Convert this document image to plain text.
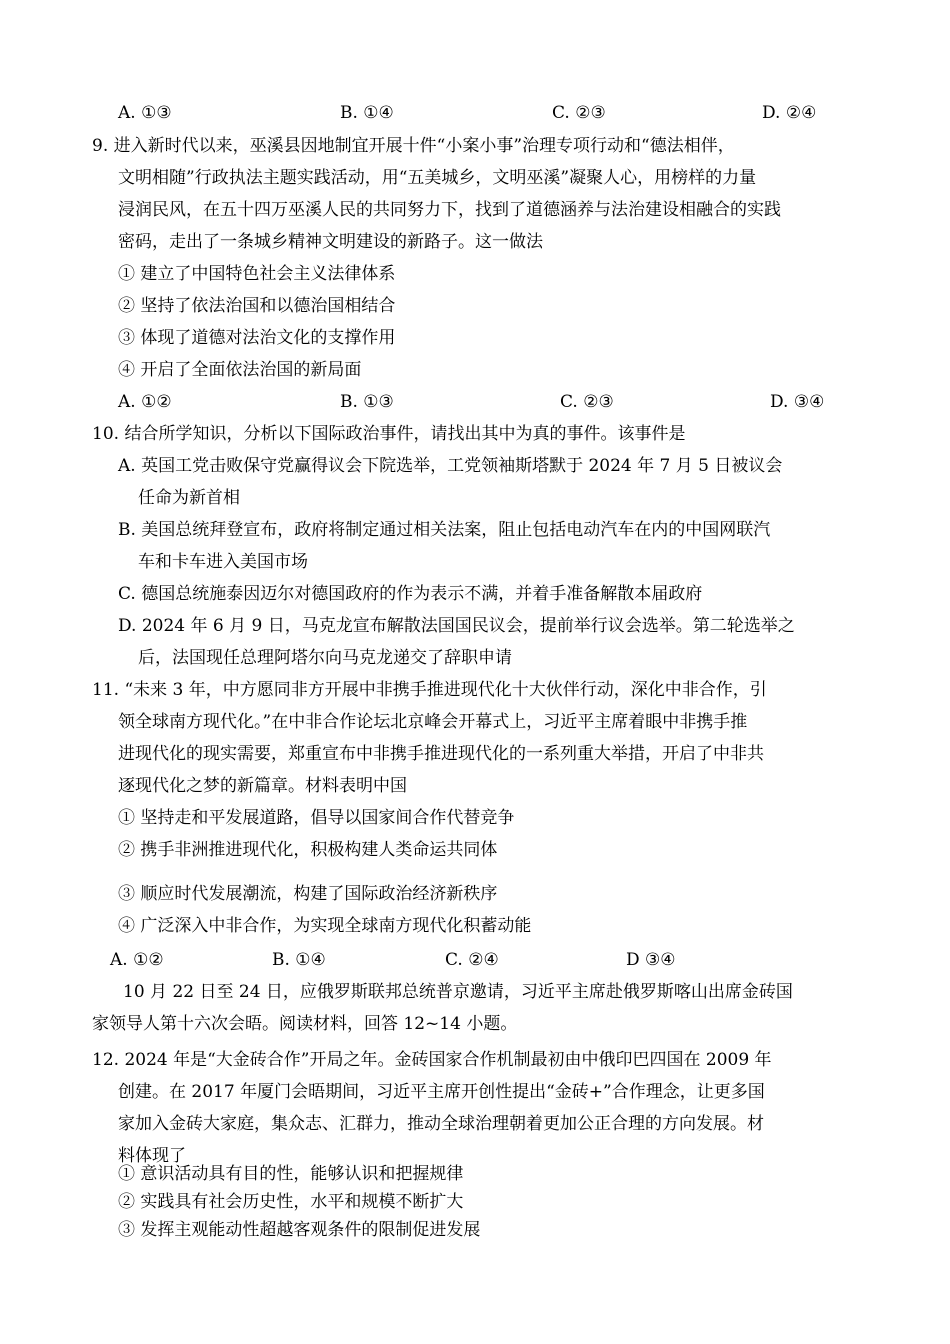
A. ①③	B. ①④	C. ②③	D. ②④
9. 进入新时代以来，巫溪县因地制宜开展十件“小案小事”治理专项行动和“德法相伴，
文明相随”行政执法主题实践活动，用“五美城乡，文明巫溪”凝聚人心，用榜样的力量
浸润民风，在五十四万巫溪人民的共同努力下，找到了道德涵养与法治建设相融合的实践
密码，走出了一条城乡精神文明建设的新路子。这一做法
① 建立了中国特色社会主义法律体系
② 坚持了依法治国和以德治国相结合
③ 体现了道德对法治文化的支撑作用
④ 开启了全面依法治国的新局面
A. ①②	B. ①③	C. ②③	D. ③④
10. 结合所学知识，分析以下国际政治事件，请找出其中为真的事件。该事件是
A. 英国工党击败保守党赢得议会下院选举，工党领袖斯塔默于 2024 年 7 月 5 日被议会
任命为新首相
B. 美国总统拜登宣布，政府将制定通过相关法案，阻止包括电动汽车在内的中国网联汽
车和卡车进入美国市场
C. 德国总统施泰因迈尔对德国政府的作为表示不满，并着手准备解散本届政府
D. 2024 年 6 月 9 日，马克龙宣布解散法国国民议会，提前举行议会选举。第二轮选举之
后，法国现任总理阿塔尔向马克龙递交了辞职申请
11. “未来 3 年，中方愿同非方开展中非携手推进现代化十大伙伴行动，深化中非合作，引
领全球南方现代化。”在中非合作论坛北京峰会开幕式上，习近平主席着眼中非携手推
进现代化的现实需要，郑重宣布中非携手推进现代化的一系列重大举措，开启了中非共
逐现代化之梦的新篇章。材料表明中国
① 坚持走和平发展道路，倡导以国家间合作代替竞争
② 携手非洲推进现代化，积极构建人类命运共同体
③ 顺应时代发展潮流，构建了国际政治经济新秩序
④ 广泛深入中非合作，为实现全球南方现代化积蓄动能
A. ①②	B. ①④	C. ②④	D ③④
10 月 22 日至 24 日，应俄罗斯联邦总统普京邀请，习近平主席赴俄罗斯喀山出席金砖国
家领导人第十六次会晤。阅读材料，回答 12~14 小题。
12. 2024 年是“大金砖合作”开局之年。金砖国家合作机制最初由中俄印巴四国在 2009 年
创建。在 2017 年厦门会晤期间，习近平主席开创性提出“金砖+”合作理念，让更多国
家加入金砖大家庭，集众志、汇群力，推动全球治理朝着更加公正合理的方向发展。材
料体现了
① 意识活动具有目的性，能够认识和把握规律
② 实践具有社会历史性，水平和规模不断扩大
③ 发挥主观能动性超越客观条件的限制促进发展
